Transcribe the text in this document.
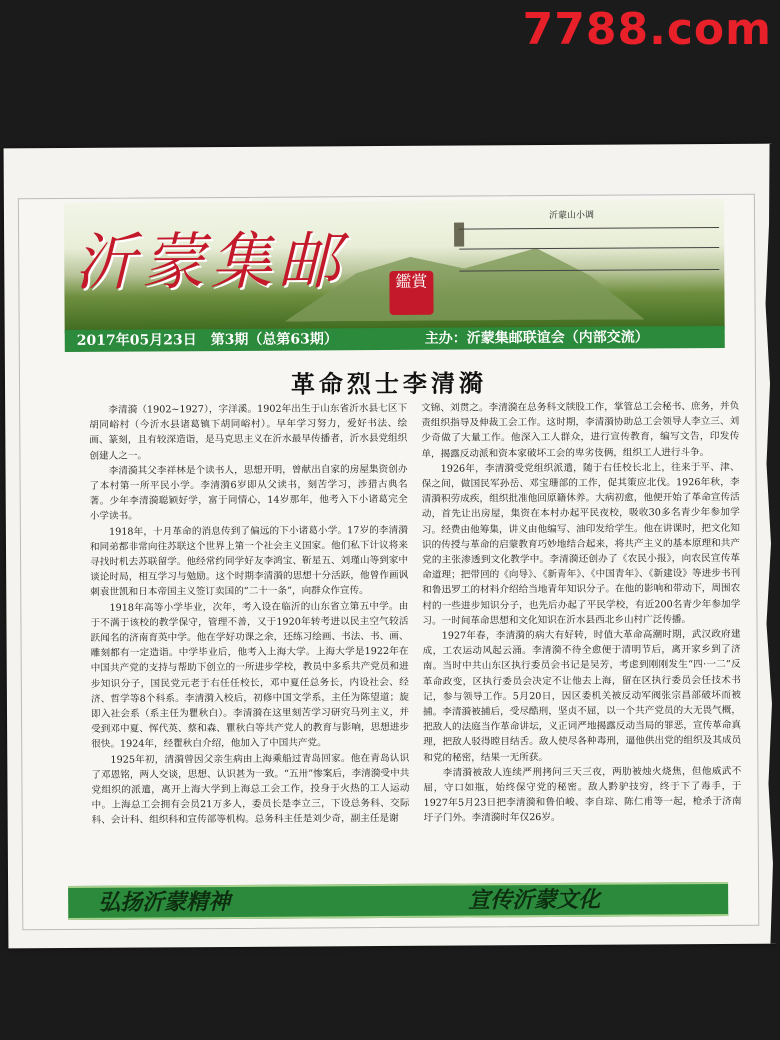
7788.com
沂蒙集邮	鑑賞
沂蒙山小调
2017年05月23日　第3期（总第63期）	主办：沂蒙集邮联谊会（内部交流）
革命烈士李清漪

李清漪（1902~1927），字洋溪。1902年出生于山东省沂水县七区下胡同峪村（今沂水县诸葛镇下胡同峪村）。早年学习努力，爱好书法、绘画、篆刻，且有较深造诣，是马克思主义在沂水最早传播者，沂水县党组织创建人之一。

李清漪其父李祥林是个读书人，思想开明，曾献出自家的房屋集资创办了本村第一所平民小学。李清漪6岁即从父读书，刻苦学习，涉猎古典名著。少年李清漪聪颖好学，富于同情心，14岁那年，他考入下小诸葛完全小学读书。

1918年，十月革命的消息传到了偏远的下小诸葛小学。17岁的李清漪和同弟都非常向往苏联这个世界上第一个社会主义国家。他们私下计议将来寻找时机去苏联留学。他经常约同学好友李鸿宝、靳星五、刘瑾山等到家中谈论时局，相互学习与勉励。这个时期李清漪的思想十分活跃，他曾作画讽刺袁世凯和日本帝国主义签订卖国的“二十一条”，向群众作宣传。

1918年高等小学毕业，次年，考入设在临沂的山东省立第五中学。由于不满于该校的教学保守，管理不善，又于1920年转考进以民主空气较活跃闻名的济南育英中学。他在学好功课之余，还练习绘画、书法、书、画、雕刻都有一定造诣。中学毕业后，他考入上海大学。上海大学是1922年在中国共产党的支持与帮助下创立的一所进步学校，教员中多系共产党员和进步知识分子，国民党元老于右任任校长，邓中夏任总务长，内设社会、经济、哲学等8个科系。李清漪入校后，初修中国文学系，主任为陈望道；旋即入社会系（系主任为瞿秋白）。李清漪在这里刻苦学习研究马列主义，并受到邓中夏、恽代英、蔡和森、瞿秋白等共产党人的教育与影响，思想进步很快。1924年，经瞿秋白介绍，他加入了中国共产党。

1925年初，清漪曾因父亲生病由上海乘船过青岛回家。他在青岛认识了邓恩铭，两人交谈，思想、认识甚为一致。“五卅”惨案后，李清漪受中共党组织的派遣，离开上海大学到上海总工会工作，投身于火热的工人运动中。上海总工会拥有会员21万多人，委员长是李立三，下设总务科、交际科、会计科、组织科和宣传部等机构。总务科主任是刘少奇，副主任是谢

文锦、刘贯之。李清漪在总务科文牍股工作，掌管总工会秘书、庶务，并负责组织指导及伸裁工会工作。这时期，李清漪协助总工会领导人李立三、刘少奇做了大量工作。他深入工人群众，进行宣传教育，编写文告，印发传单，揭露反动派和资本家破坏工会的卑劣伎俩，组织工人进行斗争。

1926年，李清漪受党组织派遣，随于右任校长北上，往来于平、津、保之间，做国民军孙岳、邓宝珊部的工作，促其策应北伐。1926年秋，李清漪积劳成疾，组织批准他回原籍休养。大病初愈，他便开始了革命宣传活动，首先让出房屋，集资在本村办起平民夜校，吸收30多名青少年参加学习。经费由他筹集，讲义由他编写、油印发给学生。他在讲课时，把文化知识的传授与革命的启蒙教育巧妙地结合起来，将共产主义的基本原理和共产党的主张渗透到文化教学中。李清漪还创办了《农民小报》，向农民宣传革命道理；把带回的《向导》、《新青年》、《中国青年》、《新建设》等进步书刊和鲁迅罗工的材料介绍给当地青年知识分子。在他的影响和带动下，周围农村的一些进步知识分子，也先后办起了平民学校，有近200名青少年参加学习。一时间革命思想和文化知识在沂水县西北乡山村广泛传播。

1927年春，李清漪的病大有好转，时值大革命高潮时期，武汉政府建成，工农运动风起云涌。李清漪不待全愈便于清明节后，离开家乡到了济南。当时中共山东区执行委员会书记是吴芳，考虑到刚刚发生“四·一二”反革命政变，区执行委员会决定不让他去上海，留在区执行委员会任技术书记，参与领导工作。5月20日，因区委机关被反动军阀张宗昌部破坏而被捕。李清漪被捕后，受尽酷刑，坚贞不屈，以一个共产党员的大无畏气概，把敌人的法庭当作革命讲坛，义正词严地揭露反动当局的罪恶，宣传革命真理，把敌人驳得瞠目结舌。敌人使尽各种毒刑，逼他供出党的组织及其成员和党的秘密，结果一无所获。

李清漪被敌人连续严刑拷问三天三夜，两肋被烛火烧焦，但他威武不屈，守口如瓶，始终保守党的秘密。敌人黔驴技穷，终于下了毒手，于1927年5月23日把李清漪和鲁伯峻、李自琮、陈仁甫等一起，枪杀于济南圩子门外。李清漪时年仅26岁。

弘扬沂蒙精神	宣传沂蒙文化
